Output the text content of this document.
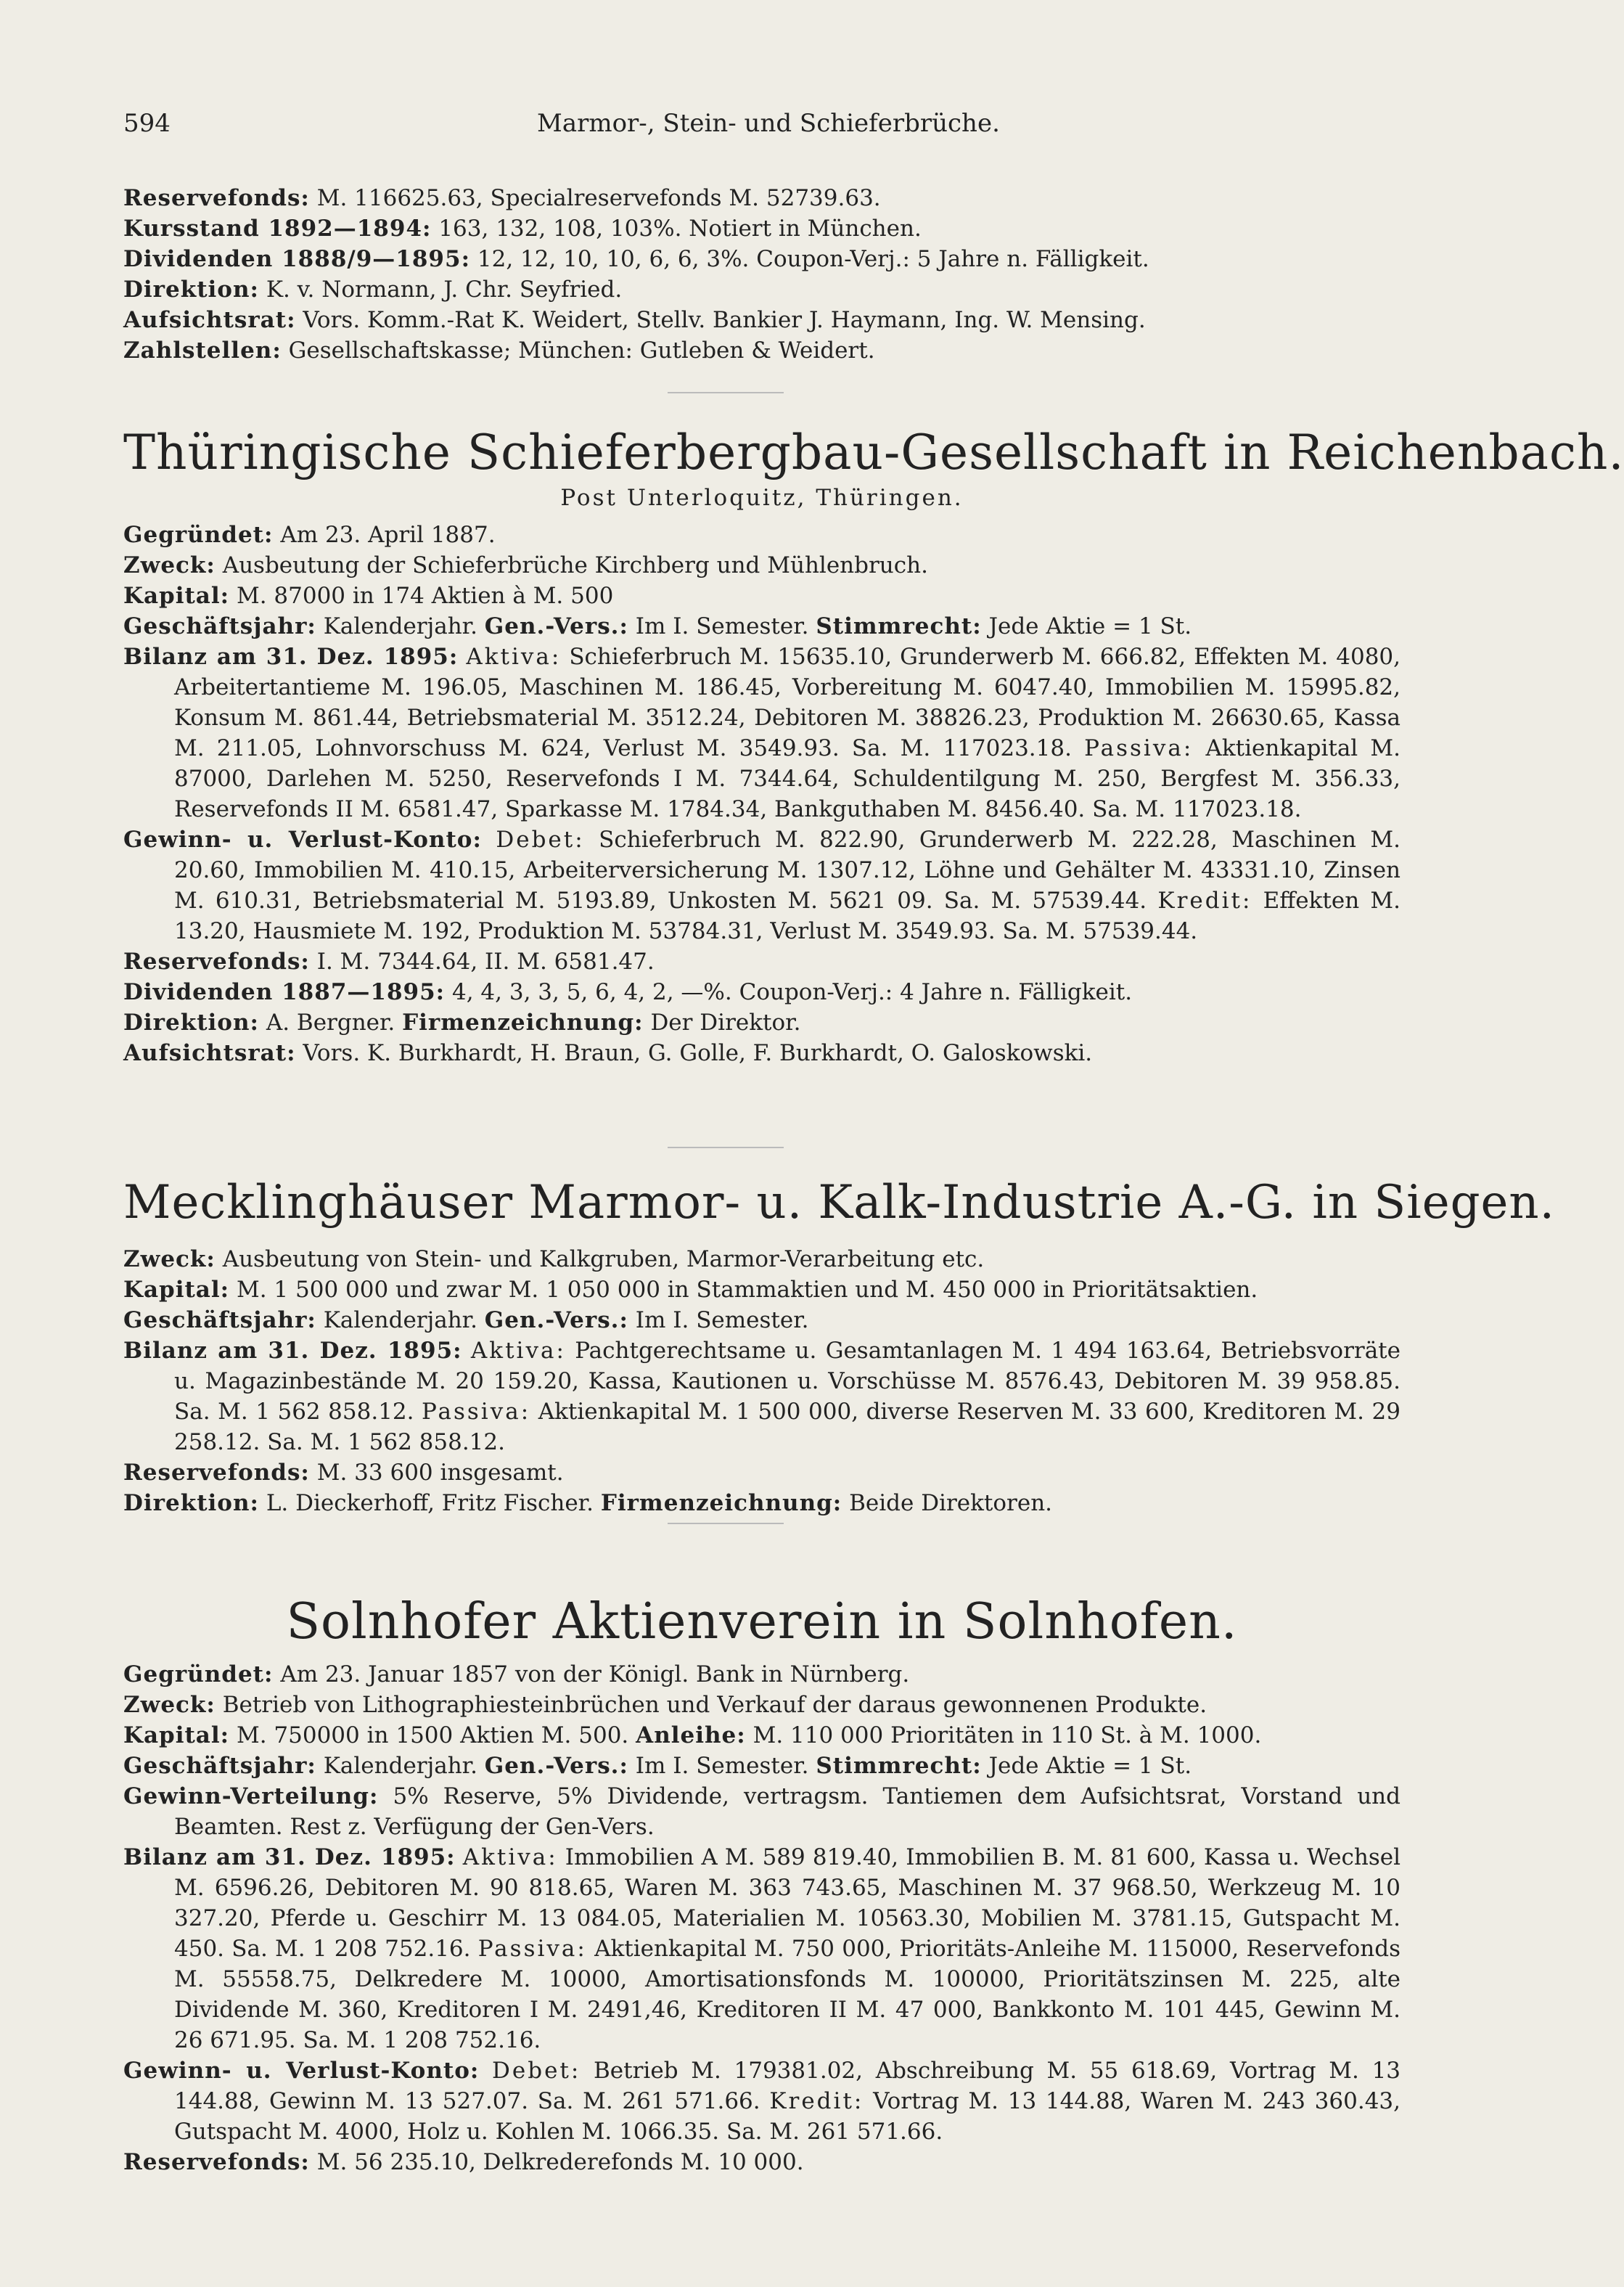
594	Marmor-, Stein- und Schieferbrüche.
Reservefonds: M. 116625.63, Specialreservefonds M. 52739.63.
Kursstand 1892—1894: 163, 132, 108, 103%. Notiert in München.
Dividenden 1888/9—1895: 12, 12, 10, 10, 6, 6, 3%. Coupon-Verj.: 5 Jahre n. Fälligkeit.
Direktion: K. v. Normann, J. Chr. Seyfried.
Aufsichtsrat: Vors. Komm.-Rat K. Weidert, Stellv. Bankier J. Haymann, Ing. W. Mensing.
Zahlstellen: Gesellschaftskasse; München: Gutleben & Weidert.
Thüringische Schieferbergbau-Gesellschaft in Reichenbach.
Post Unterloquitz, Thüringen.
Gegründet: Am 23. April 1887.
Zweck: Ausbeutung der Schieferbrüche Kirchberg und Mühlenbruch.
Kapital: M. 87000 in 174 Aktien à M. 500
Geschäftsjahr: Kalenderjahr. Gen.-Vers.: Im I. Semester. Stimmrecht: Jede Aktie = 1 St.
Bilanz am 31. Dez. 1895: Aktiva: Schieferbruch M. 15635.10, Grunderwerb M. 666.82, Effekten M. 4080, Arbeitertantieme M. 196.05, Maschinen M. 186.45, Vorbereitung M. 6047.40, Immobilien M. 15995.82, Konsum M. 861.44, Betriebsmaterial M. 3512.24, Debitoren M. 38826.23, Produktion M. 26630.65, Kassa M. 211.05, Lohnvorschuss M. 624, Verlust M. 3549.93. Sa. M. 117023.18. Passiva: Aktienkapital M. 87000, Darlehen M. 5250, Reservefonds I M. 7344.64, Schuldentilgung M. 250, Bergfest M. 356.33, Reservefonds II M. 6581.47, Sparkasse M. 1784.34, Bankguthaben M. 8456.40. Sa. M. 117023.18.
Gewinn- u. Verlust-Konto: Debet: Schieferbruch M. 822.90, Grunderwerb M. 222.28, Maschinen M. 20.60, Immobilien M. 410.15, Arbeiterversicherung M. 1307.12, Löhne und Gehälter M. 43331.10, Zinsen M. 610.31, Betriebsmaterial M. 5193.89, Unkosten M. 5621 09. Sa. M. 57539.44. Kredit: Effekten M. 13.20, Hausmiete M. 192, Produktion M. 53784.31, Verlust M. 3549.93. Sa. M. 57539.44.
Reservefonds: I. M. 7344.64, II. M. 6581.47.
Dividenden 1887—1895: 4, 4, 3, 3, 5, 6, 4, 2, —%. Coupon-Verj.: 4 Jahre n. Fälligkeit.
Direktion: A. Bergner. Firmenzeichnung: Der Direktor.
Aufsichtsrat: Vors. K. Burkhardt, H. Braun, G. Golle, F. Burkhardt, O. Galoskowski.
Mecklinghäuser Marmor- u. Kalk-Industrie A.-G. in Siegen.
Zweck: Ausbeutung von Stein- und Kalkgruben, Marmor-Verarbeitung etc.
Kapital: M. 1 500 000 und zwar M. 1 050 000 in Stammaktien und M. 450 000 in Prioritätsaktien.
Geschäftsjahr: Kalenderjahr. Gen.-Vers.: Im I. Semester.
Bilanz am 31. Dez. 1895: Aktiva: Pachtgerechtsame u. Gesamtanlagen M. 1 494 163.64, Betriebsvorräte u. Magazinbestände M. 20 159.20, Kassa, Kautionen u. Vorschüsse M. 8576.43, Debitoren M. 39 958.85. Sa. M. 1 562 858.12. Passiva: Aktienkapital M. 1 500 000, diverse Reserven M. 33 600, Kreditoren M. 29 258.12. Sa. M. 1 562 858.12.
Reservefonds: M. 33 600 insgesamt.
Direktion: L. Dieckerhoff, Fritz Fischer. Firmenzeichnung: Beide Direktoren.
Solnhofer Aktienverein in Solnhofen.
Gegründet: Am 23. Januar 1857 von der Königl. Bank in Nürnberg.
Zweck: Betrieb von Lithographiesteinbrüchen und Verkauf der daraus gewonnenen Produkte.
Kapital: M. 750000 in 1500 Aktien M. 500. Anleihe: M. 110 000 Prioritäten in 110 St. à M. 1000.
Geschäftsjahr: Kalenderjahr. Gen.-Vers.: Im I. Semester. Stimmrecht: Jede Aktie = 1 St.
Gewinn-Verteilung: 5% Reserve, 5% Dividende, vertragsm. Tantiemen dem Aufsichtsrat, Vorstand und Beamten. Rest z. Verfügung der Gen-Vers.
Bilanz am 31. Dez. 1895: Aktiva: Immobilien A M. 589 819.40, Immobilien B. M. 81 600, Kassa u. Wechsel M. 6596.26, Debitoren M. 90 818.65, Waren M. 363 743.65, Maschinen M. 37 968.50, Werkzeug M. 10 327.20, Pferde u. Geschirr M. 13 084.05, Materialien M. 10563.30, Mobilien M. 3781.15, Gutspacht M. 450. Sa. M. 1 208 752.16. Passiva: Aktienkapital M. 750 000, Prioritäts-Anleihe M. 115000, Reservefonds M. 55558.75, Delkredere M. 10000, Amortisationsfonds M. 100000, Prioritätszinsen M. 225, alte Dividende M. 360, Kreditoren I M. 2491,46, Kreditoren II M. 47 000, Bankkonto M. 101 445, Gewinn M. 26 671.95. Sa. M. 1 208 752.16.
Gewinn- u. Verlust-Konto: Debet: Betrieb M. 179381.02, Abschreibung M. 55 618.69, Vortrag M. 13 144.88, Gewinn M. 13 527.07. Sa. M. 261 571.66. Kredit: Vortrag M. 13 144.88, Waren M. 243 360.43, Gutspacht M. 4000, Holz u. Kohlen M. 1066.35. Sa. M. 261 571.66.
Reservefonds: M. 56 235.10, Delkrederefonds M. 10 000.
